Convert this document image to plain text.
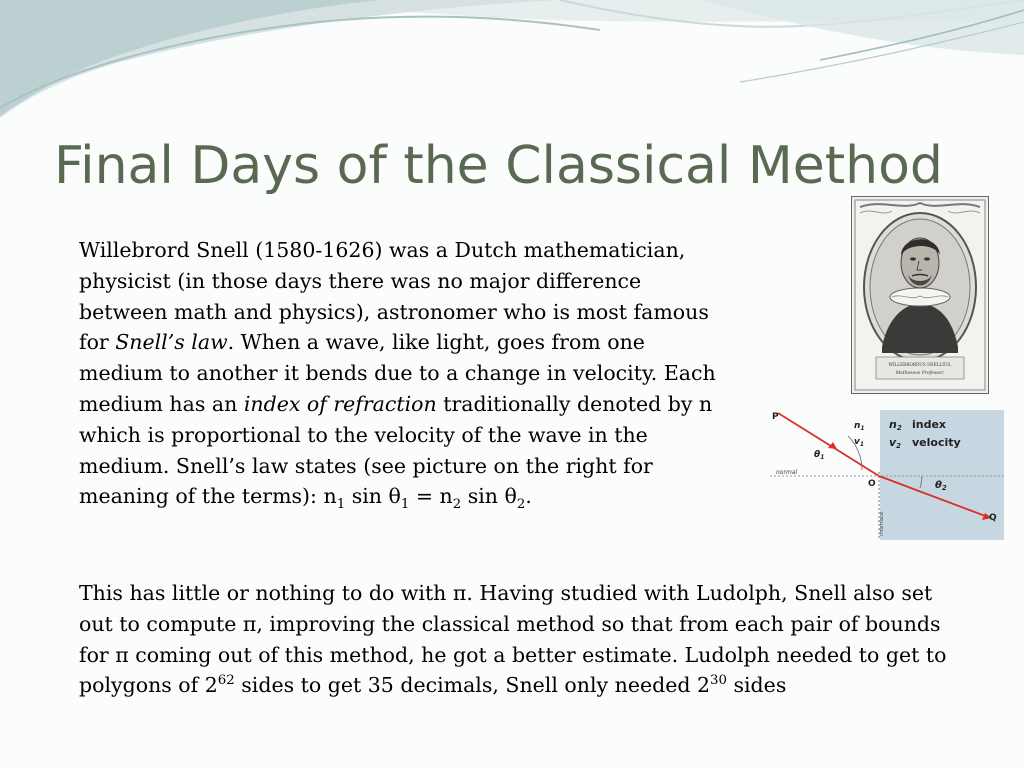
Final Days of the Classical Method
Willebrord Snell (1580-1626) was a Dutch mathematician,
physicist (in those days there was no major difference
between math and physics), astronomer who is most famous
for Snell’s law. When a wave, like light, goes from one
medium to another it bends due to a change in velocity. Each
medium has an index of refraction traditionally denoted by n
which is proportional to the velocity of the wave in the
medium. Snell’s law states (see picture on the right for
meaning of the terms): $n_1$ $\sin \theta_1 = n_2$ $\sin \theta_2$.
This has little or nothing to do with π. Having studied with Ludolph, Snell also set
out to compute π, improving the classical method so that from each pair of bounds
for π coming out of this method, he got a better estimate. Ludolph needed to get to
polygons of $2^{62}$ sides to get 35 decimals, Snell only needed $2^{30}$ sides
WILLEBRORDUS SNELLIUS,
Matheseos Professor.
P
Q
O
$n_1$
$v_1$
n2
v2
index
velocity
$\theta_1$
$\theta_2$
normal
interface
